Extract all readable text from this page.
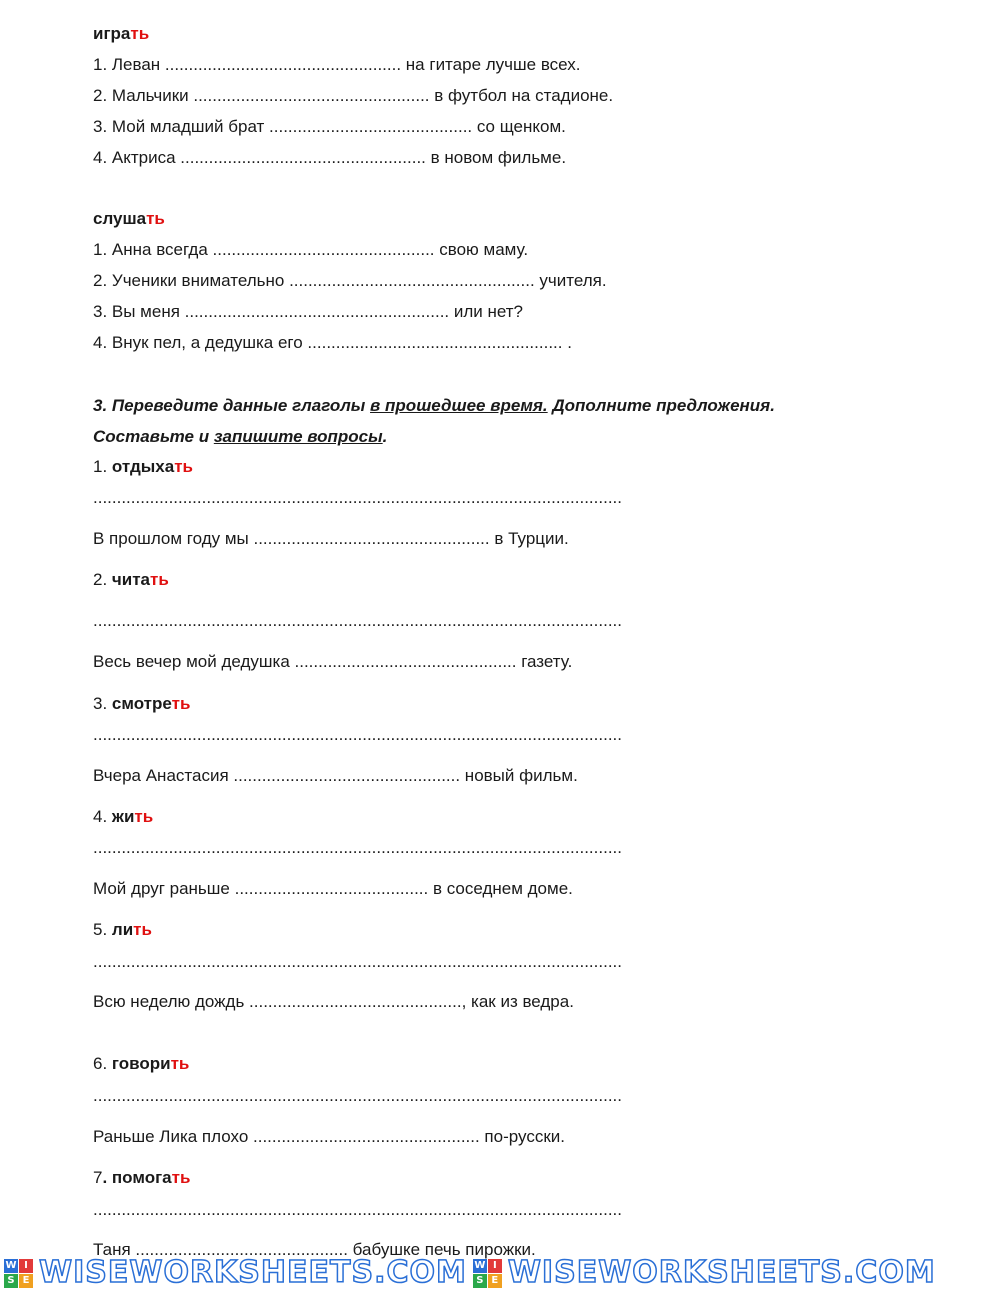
играть
1. Леван .................................................. на гитаре лучше всех.
2. Мальчики .................................................. в футбол на стадионе.
3. Мой младший брат ........................................... со щенком.
4. Актриса .................................................... в новом фильме.
слушать
1. Анна всегда ............................................... свою маму.
2. Ученики внимательно .................................................... учителя.
3. Вы меня ........................................................ или нет?
4. Внук пел, а дедушка его ...................................................... .
3. Переведите данные глаголы в прошедшее время. Дополните предложения.
Составьте и запишите вопросы.
1. отдыхать
................................................................................................................
В прошлом году мы .................................................. в Турции.
2. читать
................................................................................................................
Весь вечер мой дедушка ............................................... газету.
3. смотреть
................................................................................................................
Вчера Анастасия ................................................ новый фильм.
4. жить
................................................................................................................
Мой друг раньше ......................................... в соседнем доме.
5. лить
................................................................................................................
Всю неделю дождь ............................................., как из ведра.
6. говорить
................................................................................................................
Раньше Лика плохо ................................................ по-русски.
7. помогать
................................................................................................................
Таня ............................................. бабушке печь пирожки.
W I
S E WISEWORKSHEETS.COM W I
S E WISEWORKSHEETS.COM
